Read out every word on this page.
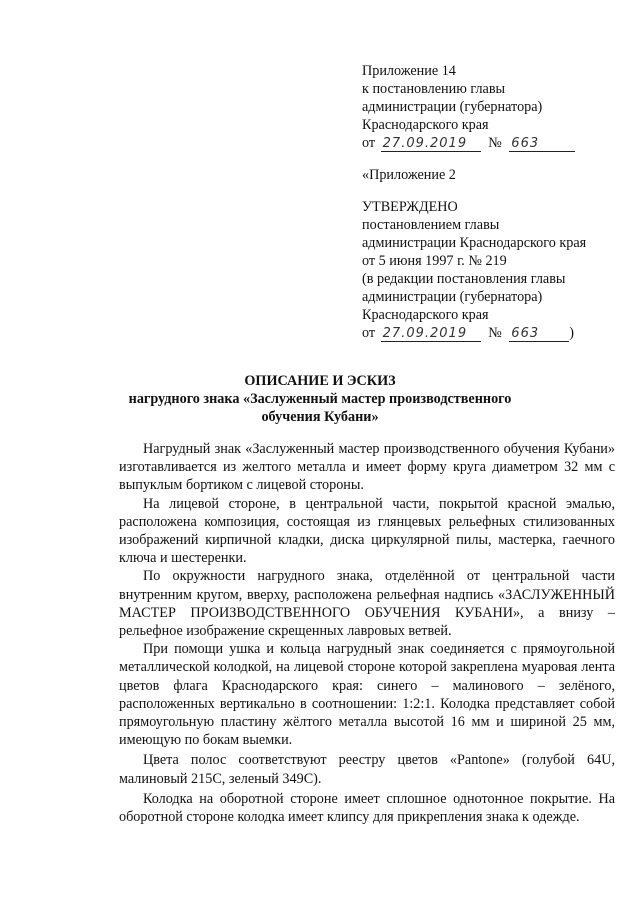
Приложение 14
к постановлению главы
администрации (губернатора)
Краснодарского края
от 27.09.2019 № 663
«Приложение 2
УТВЕРЖДЕНО
постановлением главы
администрации Краснодарского края
от 5 июня 1997 г. № 219
(в редакции постановления главы
администрации (губернатора)
Краснодарского края
от 27.09.2019 № 663 )
ОПИСАНИЕ И ЭСКИЗ
нагрудного знака «Заслуженный мастер производственного
обучения Кубани»

Нагрудный знак «Заслуженный мастер производственного обучения Кубани» изготавливается из желтого металла и имеет форму круга диаметром 32 мм с выпуклым бортиком с лицевой стороны.

На лицевой стороне, в центральной части, покрытой красной эмалью, расположена композиция, состоящая из глянцевых рельефных стилизованных изображений кирпичной кладки, диска циркулярной пилы, мастерка, гаечного ключа и шестеренки.

По окружности нагрудного знака, отделённой от центральной части внутренним кругом, вверху, расположена рельефная надпись «ЗАСЛУЖЕННЫЙ МАСТЕР ПРОИЗВОДСТВЕННОГО ОБУЧЕНИЯ КУБАНИ», а внизу – рельефное изображение скрещенных лавровых ветвей.

При помощи ушка и кольца нагрудный знак соединяется с прямоугольной металлической колодкой, на лицевой стороне которой закреплена муаровая лента цветов флага Краснодарского края: синего – малинового – зелёного, расположенных вертикально в соотношении: 1:2:1. Колодка представляет собой прямоугольную пластину жёлтого металла высотой 16 мм и шириной 25 мм, имеющую по бокам выемки.

Цвета полос соответствуют реестру цветов «Pantone» (голубой 64U, малиновый 215С, зеленый 349С).

Колодка на оборотной стороне имеет сплошное однотонное покрытие. На оборотной стороне колодка имеет клипсу для прикрепления знака к одежде.
